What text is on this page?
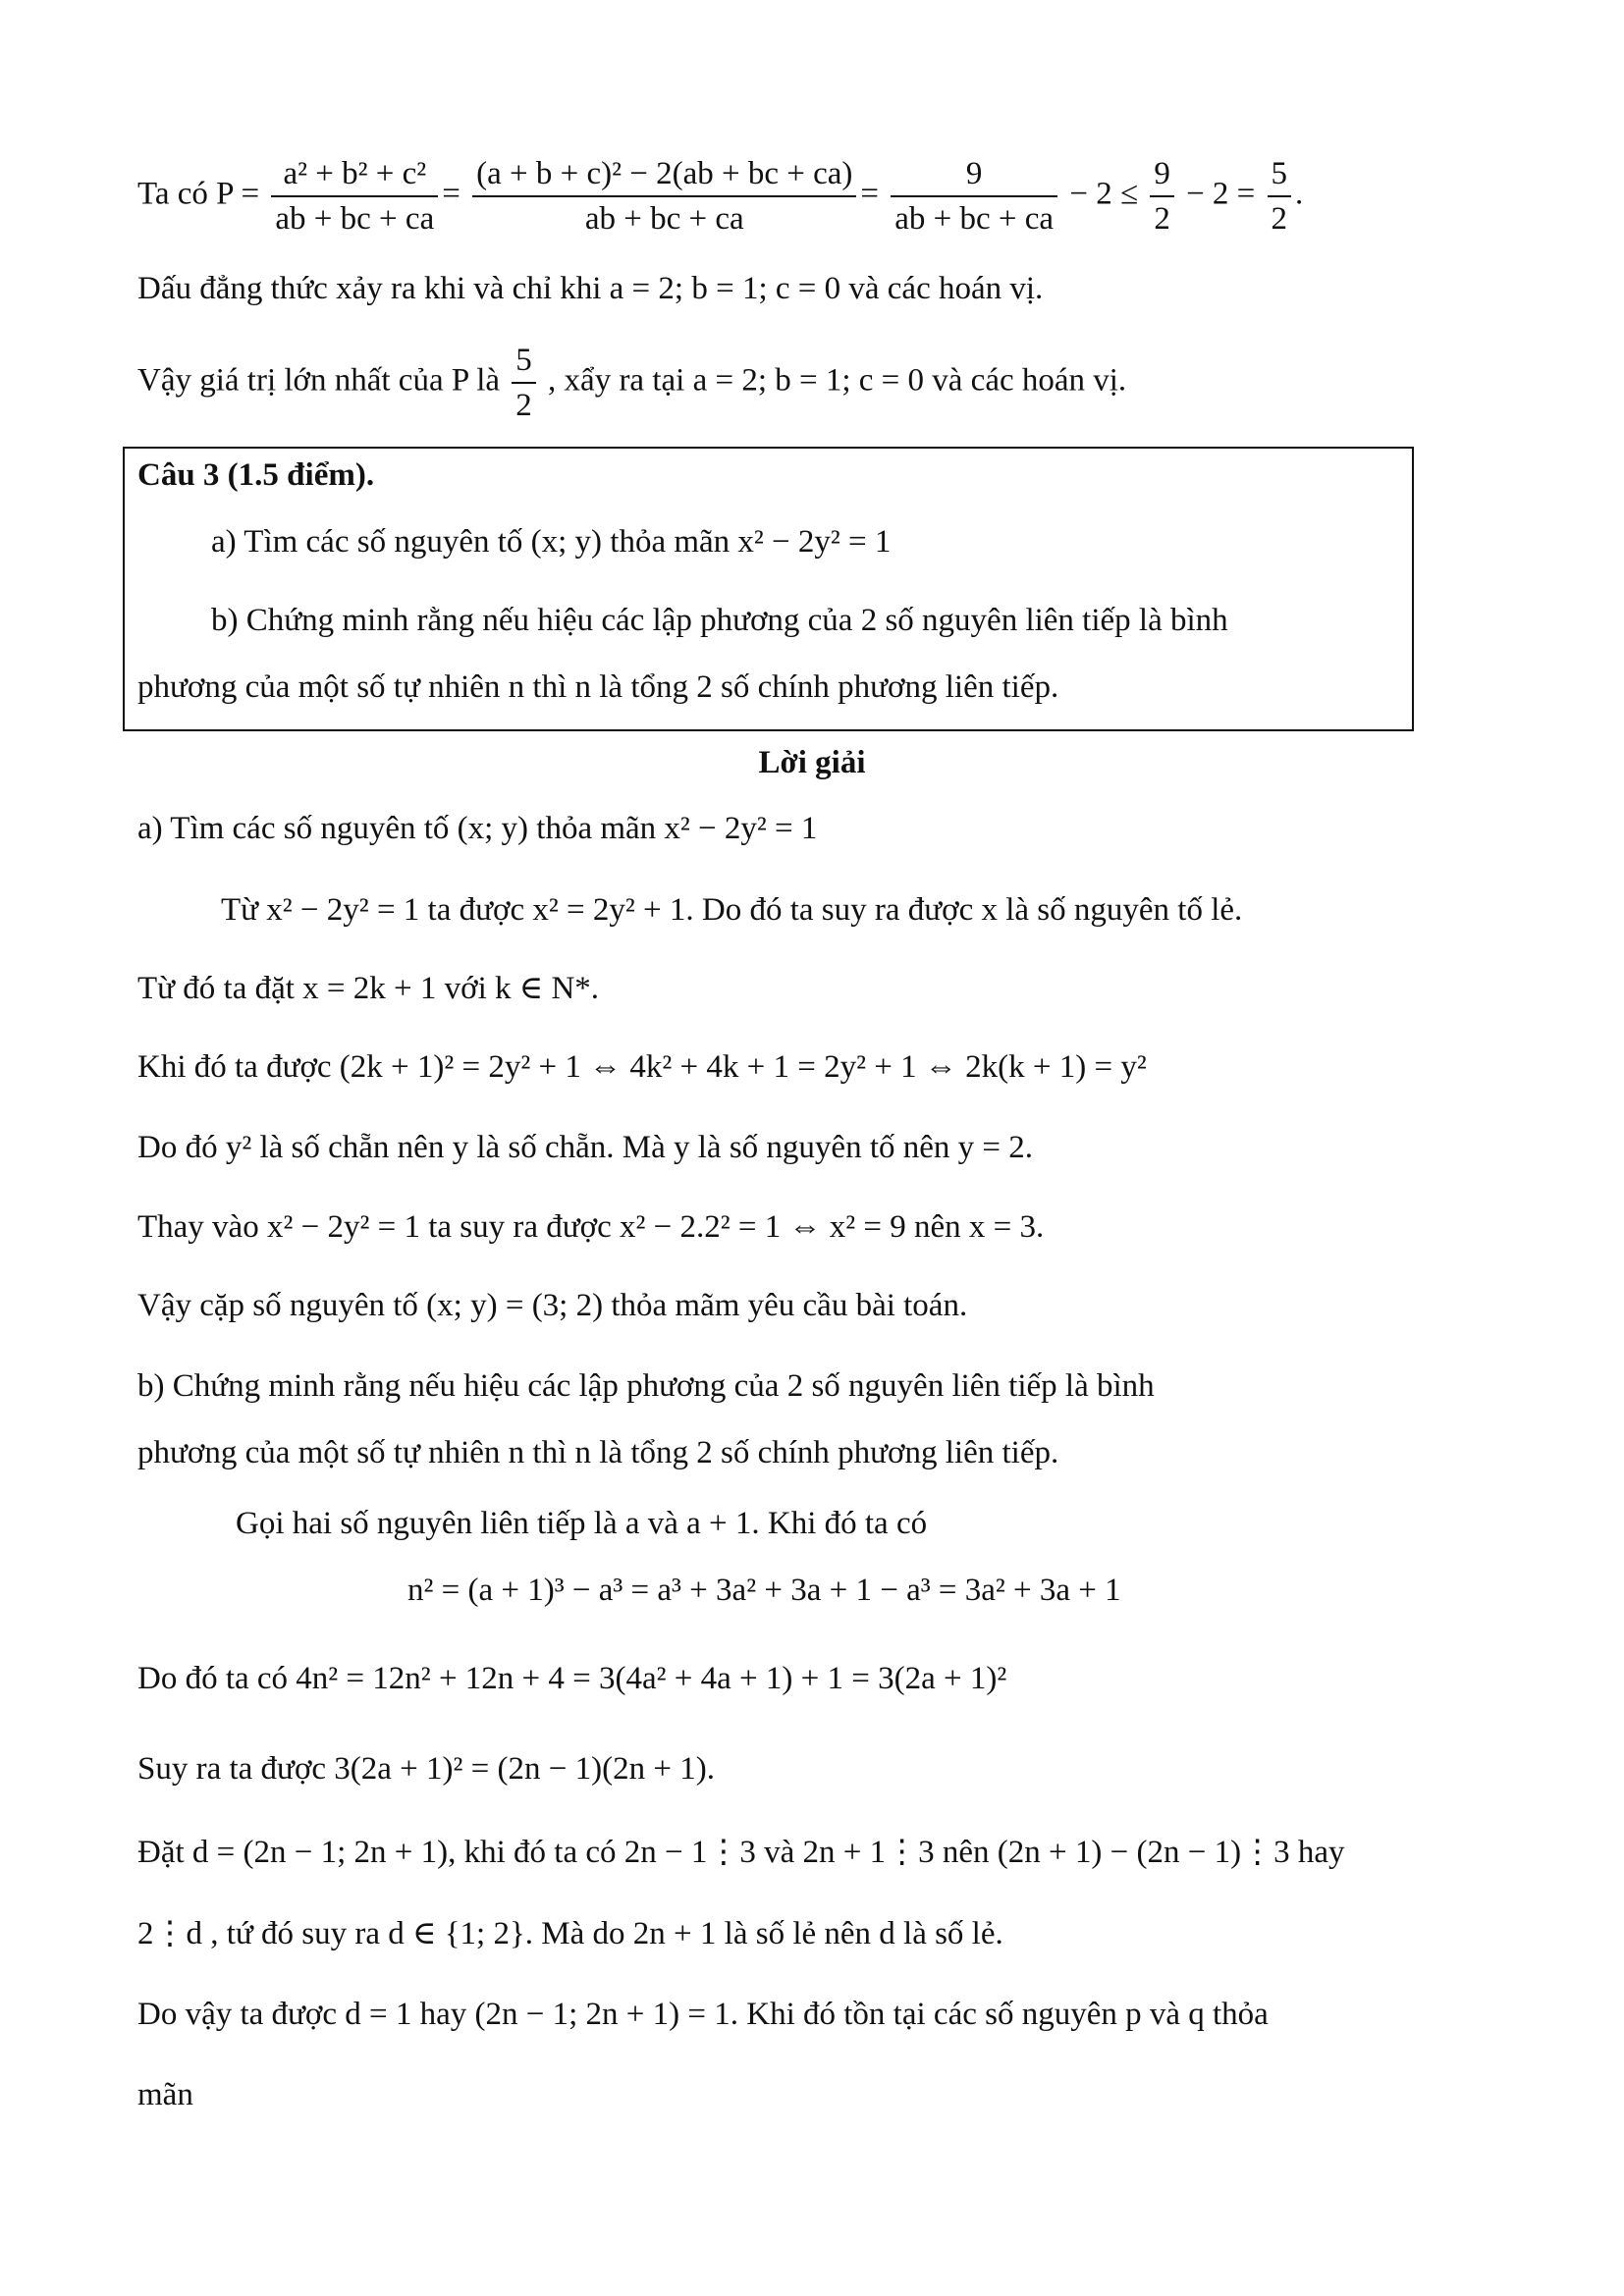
Ta có $P = \frac{\text{a² + b² + c²}}{ab + bc + ca} = \frac{\text{(a + b + c)² − 2(ab + bc + ca)}}{ab + bc + ca} = \frac{9}{ab + bc + ca} - 2 \le \frac{9}{2} - 2 = \frac{5}{2}$ .
Dấu đẳng thức xảy ra khi và chỉ khi a = 2; b = 1; c = 0 và các hoán vị.
Vậy giá trị lớn nhất của P là $\frac{5}{2}$ , xẩy ra tại a = 2; b = 1; c = 0 và các hoán vị.
Câu 3 (1.5 điểm).
a) Tìm các số nguyên tố (x; y) thỏa mãn x² − 2y² = 1
b) Chứng minh rằng nếu hiệu các lập phương của 2 số nguyên liên tiếp là bình
phương của một số tự nhiên n thì n là tổng 2 số chính phương liên tiếp.
Lời giải
a) Tìm các số nguyên tố (x; y) thỏa mãn x² − 2y² = 1
Từ x² − 2y² = 1 ta được x² = 2y² + 1. Do đó ta suy ra được x là số nguyên tố lẻ.
Từ đó ta đặt x = 2k + 1 với k ∈ N*.
Khi đó ta được (2k + 1)² = 2y² + 1 ⇔ 4k² + 4k + 1 = 2y² + 1 ⇔ 2k(k + 1) = y²
Do đó y² là số chẵn nên y là số chẵn. Mà y là số nguyên tố nên y = 2.
Thay vào x² − 2y² = 1 ta suy ra được x² − 2.2² = 1 ⇔ x² = 9 nên x = 3.
Vậy cặp số nguyên tố (x; y) = (3; 2) thỏa mãm yêu cầu bài toán.
b) Chứng minh rằng nếu hiệu các lập phương của 2 số nguyên liên tiếp là bình
phương của một số tự nhiên n thì n là tổng 2 số chính phương liên tiếp.
Gọi hai số nguyên liên tiếp là a và a + 1. Khi đó ta có
n² = (a + 1)³ − a³ = a³ + 3a² + 3a + 1 − a³ = 3a² + 3a + 1
Do đó ta có 4n² = 12n² + 12n + 4 = 3(4a² + 4a + 1) + 1 = 3(2a + 1)²
Suy ra ta được 3(2a + 1)² = (2n − 1)(2n + 1).
Đặt d = (2n − 1; 2n + 1), khi đó ta có 2n − 1⋮3 và 2n + 1⋮3 nên (2n + 1) − (2n − 1)⋮3 hay
2⋮d , tứ đó suy ra d ∈ {1; 2}. Mà do 2n + 1 là số lẻ nên d là số lẻ.
Do vậy ta được d = 1 hay (2n − 1; 2n + 1) = 1. Khi đó tồn tại các số nguyên p và q thỏa
mãn
